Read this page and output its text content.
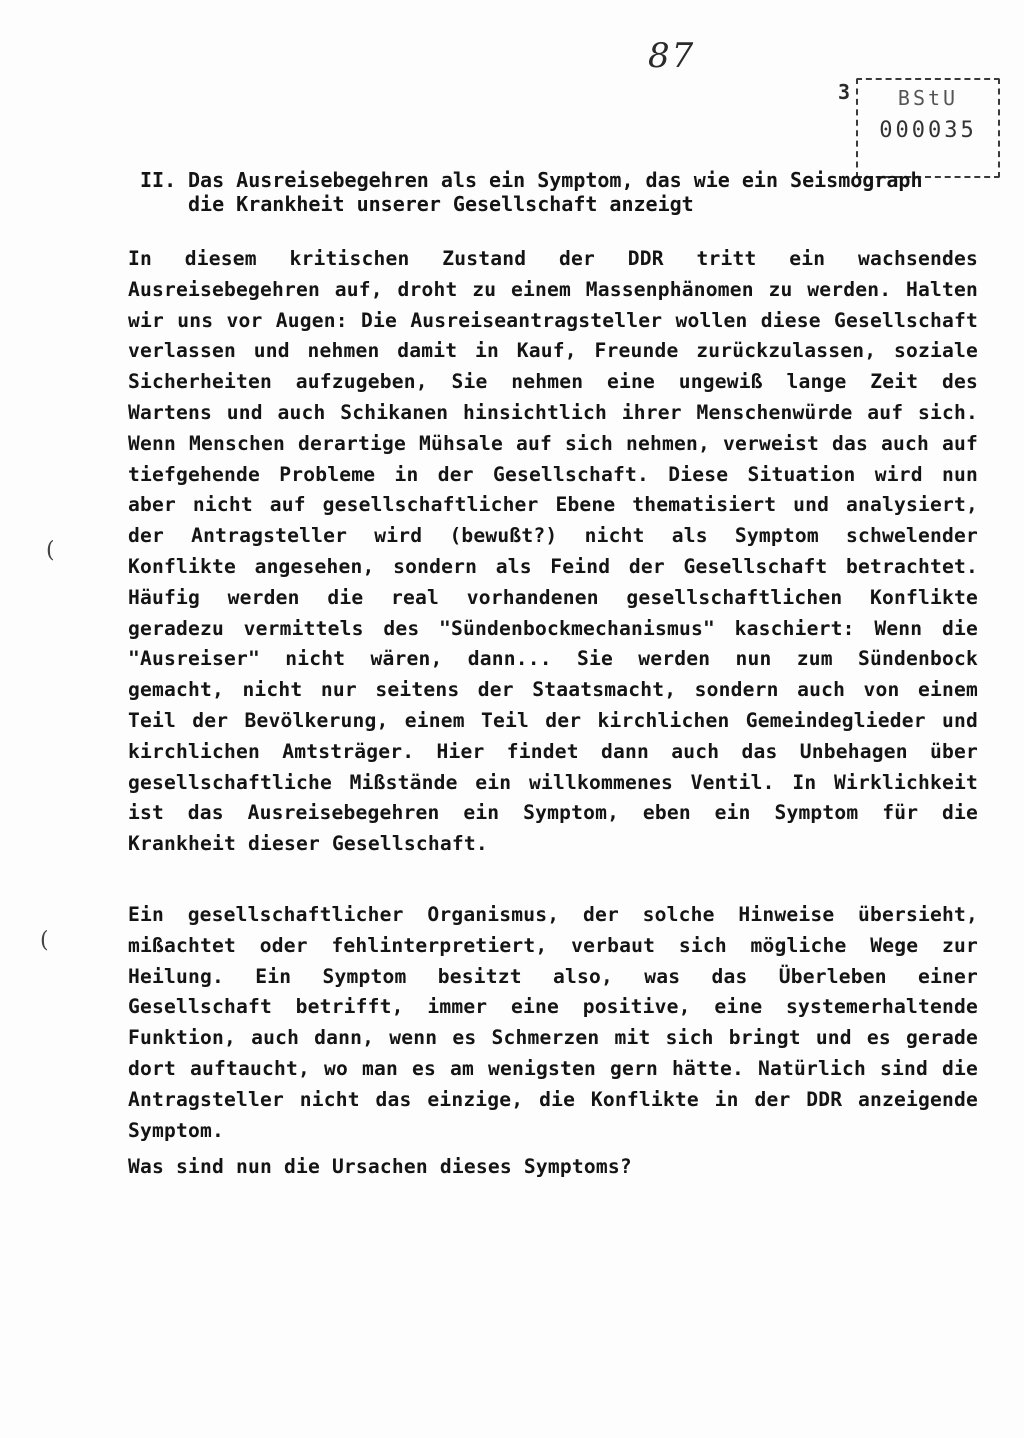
87
3	BStU
000035
II. Das Ausreisebegehren als ein Symptom, das wie ein Seismograph
die Krankheit unserer Gesellschaft anzeigt
In diesem kritischen Zustand der DDR tritt ein wachsendes Ausreisebegehren auf, droht zu einem Massenphänomen zu werden. Halten wir uns vor Augen: Die Ausreiseantragsteller wollen diese Gesellschaft verlassen und nehmen damit in Kauf, Freunde zurückzulassen, soziale Sicherheiten aufzugeben, Sie nehmen eine ungewiß lange Zeit des Wartens und auch Schikanen hinsichtlich ihrer Menschenwürde auf sich. Wenn Menschen derartige Mühsale auf sich nehmen, verweist das auch auf tiefgehende Probleme in der Gesellschaft. Diese Situation wird nun aber nicht auf gesellschaftlicher Ebene thematisiert und analysiert, der Antragsteller wird (bewußt?) nicht als Symptom schwelender Konflikte angesehen, sondern als Feind der Gesellschaft betrachtet. Häufig werden die real vorhandenen gesellschaftlichen Konflikte geradezu vermittels des "Sündenbockmechanismus" kaschiert: Wenn die "Ausreiser" nicht wären, dann... Sie werden nun zum Sündenbock gemacht, nicht nur seitens der Staatsmacht, sondern auch von einem Teil der Bevölkerung, einem Teil der kirchlichen Gemeindeglieder und kirchlichen Amtsträger. Hier findet dann auch das Unbehagen über gesellschaftliche Mißstände ein willkommenes Ventil. In Wirklichkeit ist das Ausreisebegehren ein Symptom, eben ein Symptom für die Krankheit dieser Gesellschaft.
Ein gesellschaftlicher Organismus, der solche Hinweise übersieht, mißachtet oder fehlinterpretiert, verbaut sich mögliche Wege zur Heilung. Ein Symptom besitzt also, was das Überleben einer Gesellschaft betrifft, immer eine positive, eine systemerhaltende Funktion, auch dann, wenn es Schmerzen mit sich bringt und es gerade dort auftaucht, wo man es am wenigsten gern hätte. Natürlich sind die Antragsteller nicht das einzige, die Konflikte in der DDR anzeigende Symptom.
Was sind nun die Ursachen dieses Symptoms?
(
(
